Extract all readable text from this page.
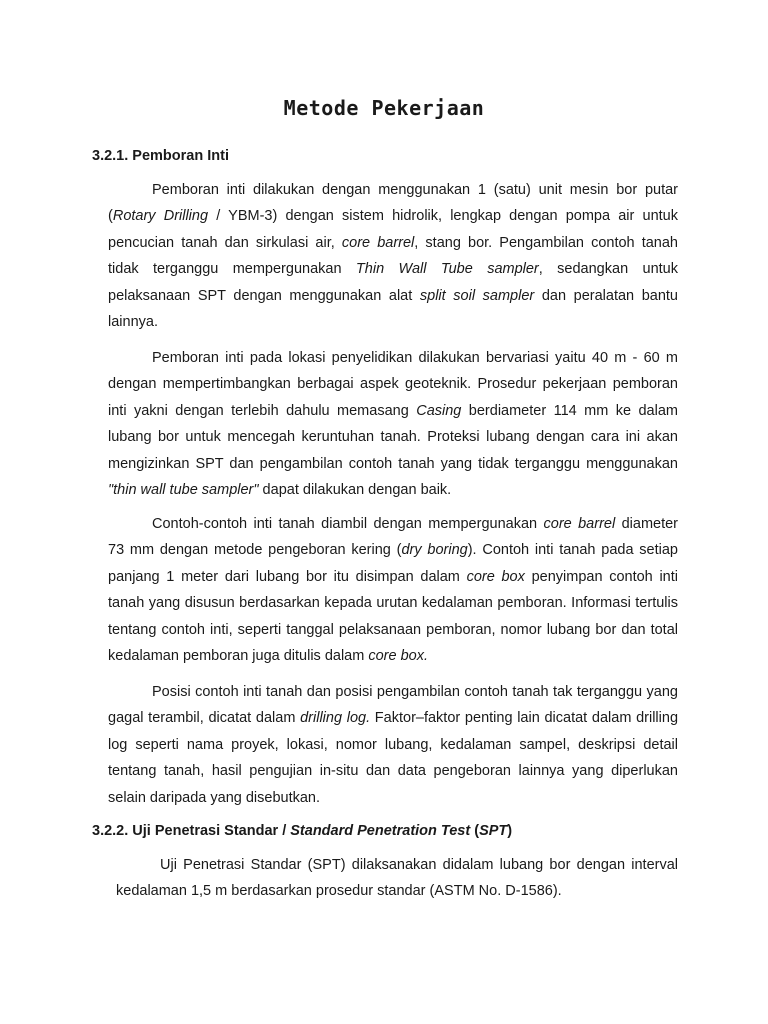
Metode Pekerjaan
3.2.1. Pemboran Inti

Pemboran inti dilakukan dengan menggunakan 1 (satu) unit mesin bor putar (Rotary Drilling / YBM-3) dengan sistem hidrolik, lengkap dengan pompa air untuk pencucian tanah dan sirkulasi air, core barrel, stang bor. Pengambilan contoh tanah tidak terganggu mempergunakan Thin Wall Tube sampler, sedangkan untuk pelaksanaan SPT dengan menggunakan alat split soil sampler dan peralatan bantu lainnya.

Pemboran inti pada lokasi penyelidikan dilakukan bervariasi yaitu 40 m - 60 m dengan mempertimbangkan berbagai aspek geoteknik. Prosedur pekerjaan pemboran inti yakni dengan terlebih dahulu memasang Casing berdiameter 114 mm ke dalam lubang bor untuk mencegah keruntuhan tanah. Proteksi lubang dengan cara ini akan mengizinkan SPT dan pengambilan contoh tanah yang tidak terganggu menggunakan "thin wall tube sampler" dapat dilakukan dengan baik.

Contoh-contoh inti tanah diambil dengan mempergunakan core barrel diameter 73 mm dengan metode pengeboran kering (dry boring). Contoh inti tanah pada setiap panjang 1 meter dari lubang bor itu disimpan dalam core box penyimpan contoh inti tanah yang disusun berdasarkan kepada urutan kedalaman pemboran. Informasi tertulis tentang contoh inti, seperti tanggal pelaksanaan pemboran, nomor lubang bor dan total kedalaman pemboran juga ditulis dalam core box.

Posisi contoh inti tanah dan posisi pengambilan contoh tanah tak terganggu yang gagal terambil, dicatat dalam drilling log. Faktor–faktor penting lain dicatat dalam drilling log seperti nama proyek, lokasi, nomor lubang, kedalaman sampel, deskripsi detail tentang tanah, hasil pengujian in-situ dan data pengeboran lainnya yang diperlukan selain daripada yang disebutkan.

3.2.2. Uji Penetrasi Standar / Standard Penetration Test (SPT)

Uji Penetrasi Standar (SPT) dilaksanakan didalam lubang bor dengan interval kedalaman 1,5 m berdasarkan prosedur standar (ASTM No. D-1586).
